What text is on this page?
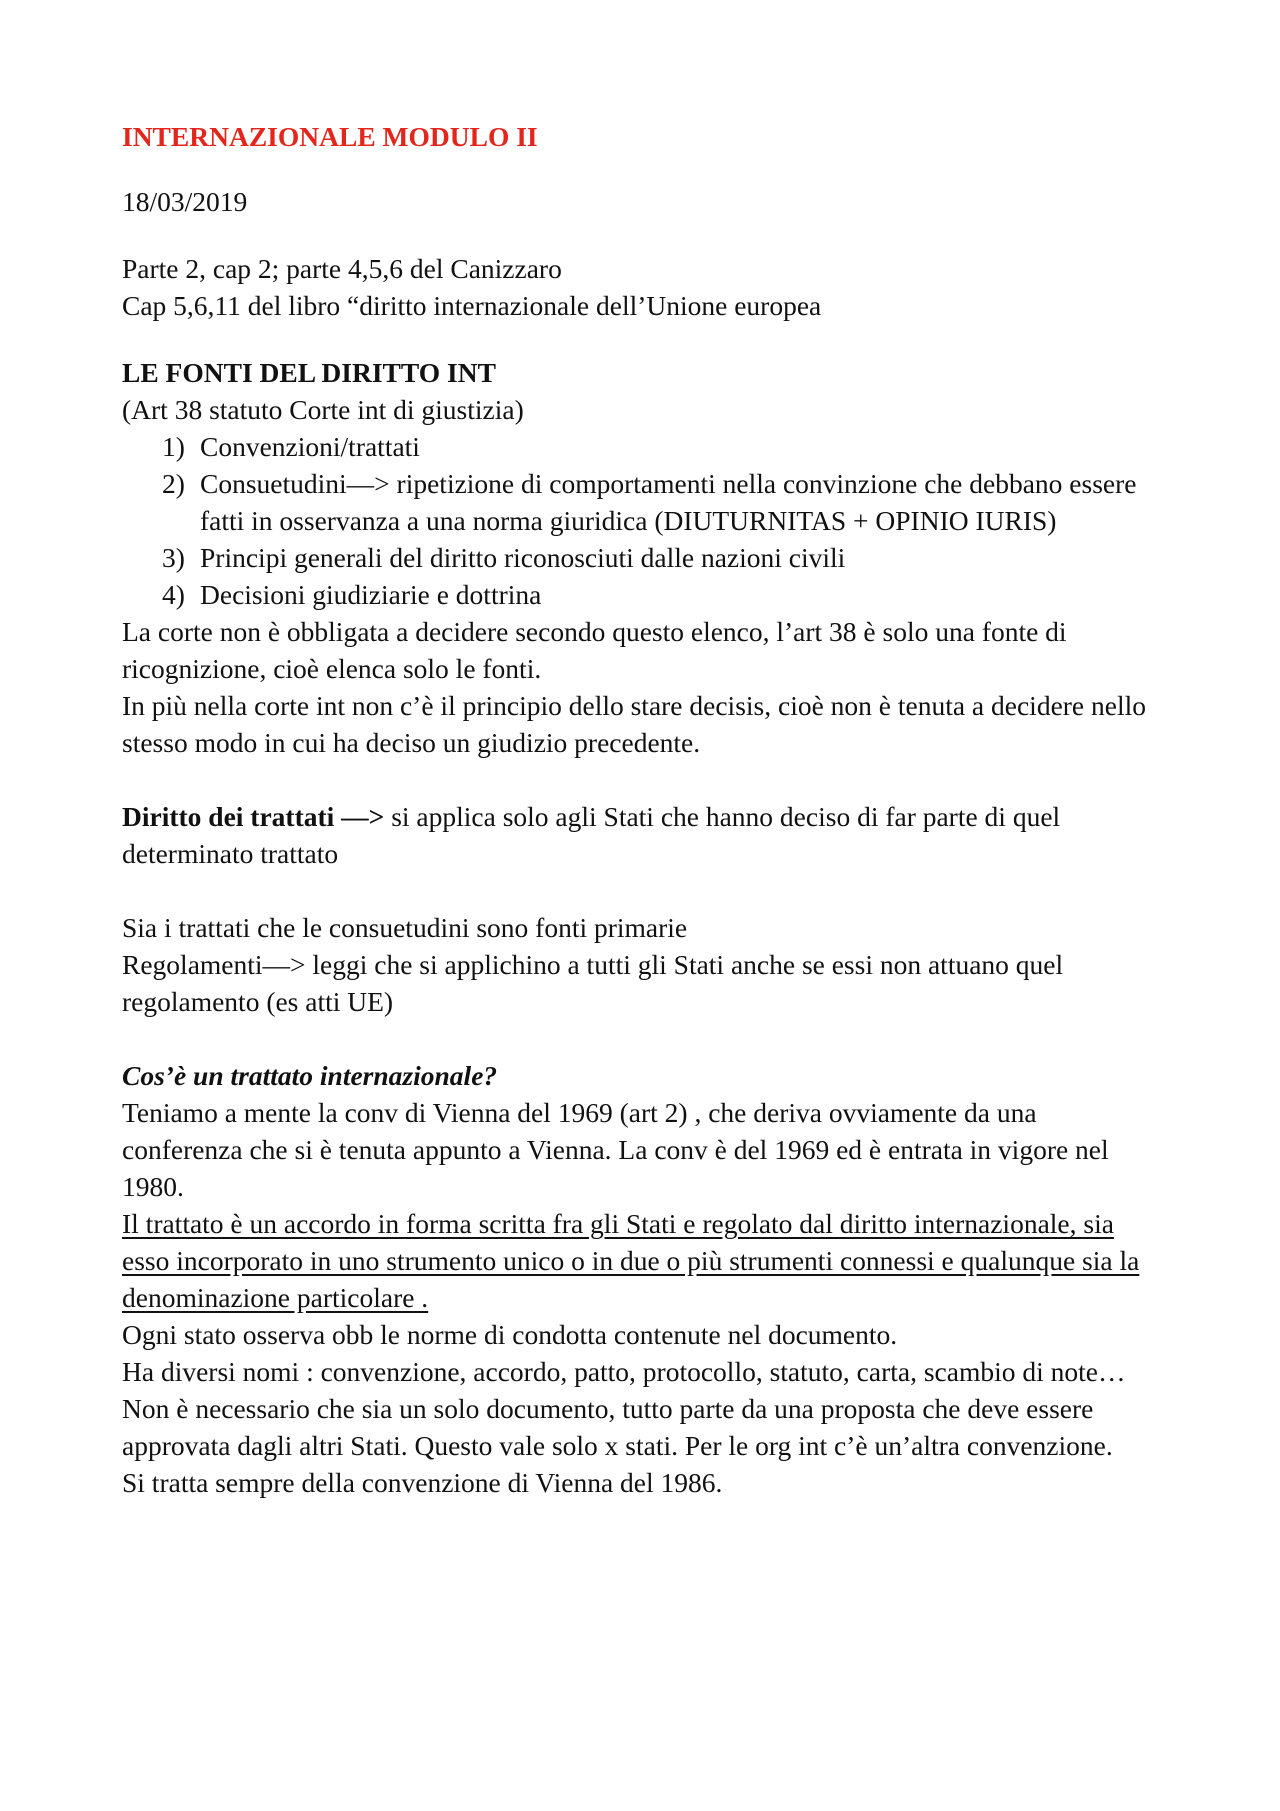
INTERNAZIONALE MODULO II

18/03/2019

Parte 2, cap 2; parte 4,5,6 del Canizzaro

Cap 5,6,11 del libro “diritto internazionale dell’Unione europea

LE FONTI DEL DIRITTO INT

(Art 38 statuto Corte int di giustizia)

1) Convenzioni/trattati
2) Consuetudini—> ripetizione di comportamenti nella convinzione che debbano essere fatti in osservanza a una norma giuridica (DIUTURNITAS + OPINIO IURIS)
3) Principi generali del diritto riconosciuti dalle nazioni civili
4) Decisioni giudiziarie e dottrina

La corte non è obbligata a decidere secondo questo elenco, l’art 38 è solo una fonte di ricognizione, cioè elenca solo le fonti.

In più nella corte int non c’è il principio dello stare decisis, cioè non è tenuta a decidere nello stesso modo in cui ha deciso un giudizio precedente.

Diritto dei trattati —> si applica solo agli Stati che hanno deciso di far parte di quel determinato trattato

Sia i trattati che le consuetudini sono fonti primarie

Regolamenti—> leggi che si applichino a tutti gli Stati anche se essi non attuano quel regolamento (es atti UE)

Cos’è un trattato internazionale?

Teniamo a mente la conv di Vienna del 1969 (art 2) , che deriva ovviamente da una conferenza che si è tenuta appunto a Vienna. La conv è del 1969 ed è entrata in vigore nel 1980.

Il trattato è un accordo in forma scritta fra gli Stati e regolato dal diritto internazionale, sia esso incorporato in uno strumento unico o in due o più strumenti connessi e qualunque sia la denominazione particolare .

Ogni stato osserva obb le norme di condotta contenute nel documento.

Ha diversi nomi : convenzione, accordo, patto, protocollo, statuto, carta, scambio di note…

Non è necessario che sia un solo documento, tutto parte da una proposta che deve essere approvata dagli altri Stati. Questo vale solo x stati. Per le org int c’è un’altra convenzione.

Si tratta sempre della convenzione di Vienna del 1986.
